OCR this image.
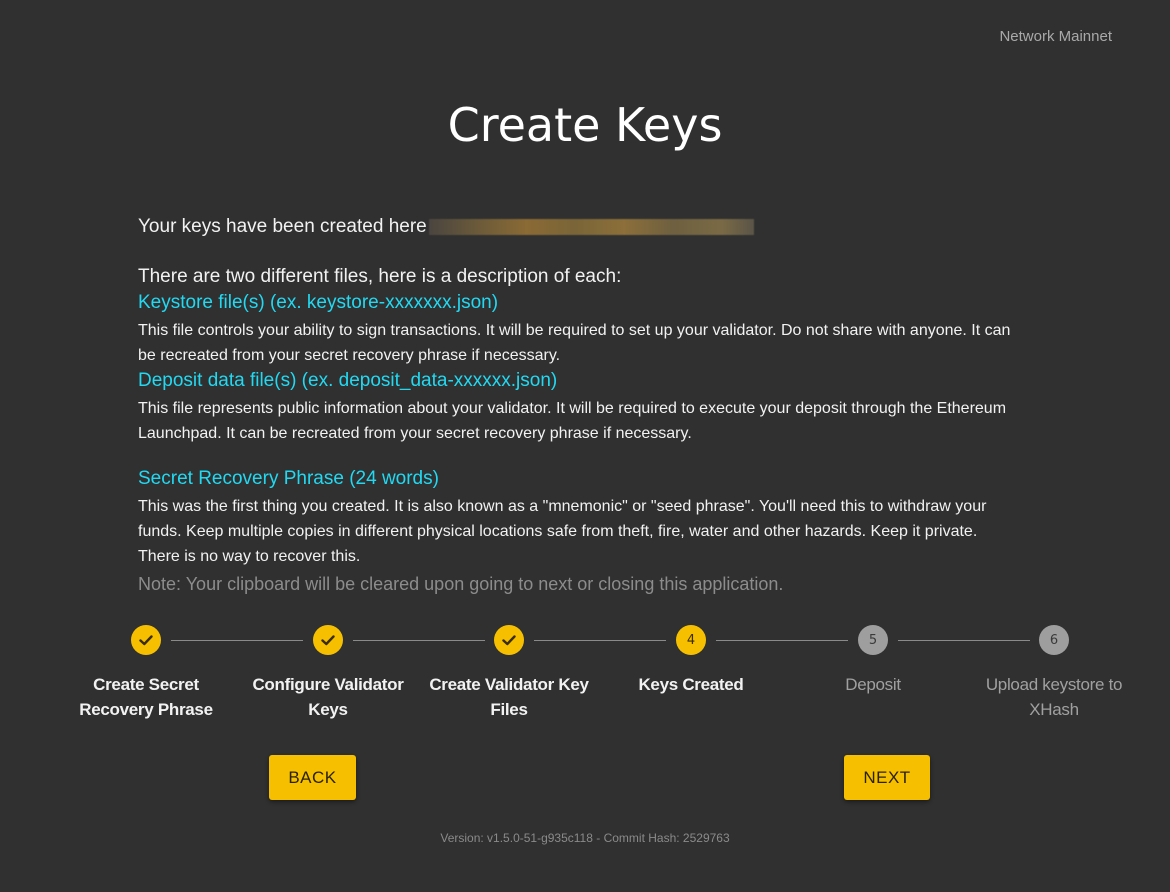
Network Mainnet
Create Keys
Your keys have been created here
There are two different files, here is a description of each:
Keystore file(s) (ex. keystore-xxxxxxx.json)
This file controls your ability to sign transactions. It will be required to set up your validator. Do not share with anyone. It can be recreated from your secret recovery phrase if necessary.
Deposit data file(s) (ex. deposit_data-xxxxxx.json)
This file represents public information about your validator. It will be required to execute your deposit through the Ethereum Launchpad. It can be recreated from your secret recovery phrase if necessary.
Secret Recovery Phrase (24 words)
This was the first thing you created. It is also known as a "mnemonic" or "seed phrase". You'll need this to withdraw your funds. Keep multiple copies in different physical locations safe from theft, fire, water and other hazards. Keep it private. There is no way to recover this.
Note: Your clipboard will be cleared upon going to next or closing this application.
Create Secret Recovery Phrase
Configure Validator Keys
Create Validator Key Files
4
Keys Created
5
Deposit
6
Upload keystore to XHash
BACK	NEXT
Version: v1.5.0-51-g935c118 - Commit Hash: 2529763
